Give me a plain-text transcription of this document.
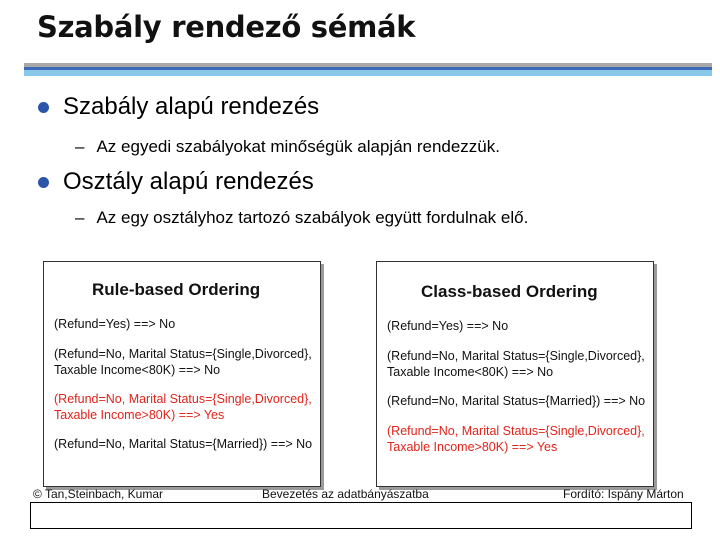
Szabály rendező sémák
Szabály alapú rendezés
– Az egyedi szabályokat minőségük alapján rendezzük.
Osztály alapú rendezés
– Az egy osztályhoz tartozó szabályok együtt fordulnak elő.
Rule-based Ordering
(Refund=Yes) ==> No
(Refund=No, Marital Status={Single,Divorced},
Taxable Income<80K) ==> No
(Refund=No, Marital Status={Single,Divorced},
Taxable Income>80K) ==> Yes
(Refund=No, Marital Status={Married}) ==> No
Class-based Ordering
(Refund=Yes) ==> No
(Refund=No, Marital Status={Single,Divorced},
Taxable Income<80K) ==> No
(Refund=No, Marital Status={Married}) ==> No
(Refund=No, Marital Status={Single,Divorced},
Taxable Income>80K) ==> Yes
© Tan,Steinbach, Kumar	Bevezetés az adatbányászatba	Fordító: Ispány Márton
